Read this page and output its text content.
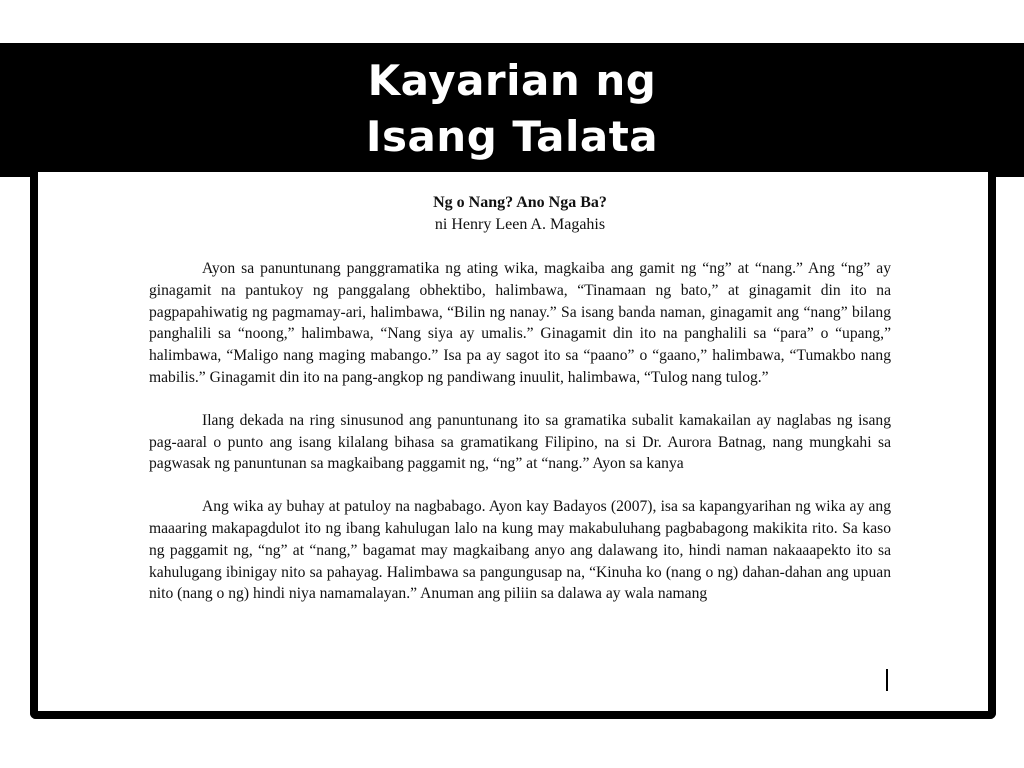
Kayarian ng
Isang Talata
Ng o Nang? Ano Nga Ba?
ni Henry Leen A. Magahis

Ayon sa panuntunang panggramatika ng ating wika, magkaiba ang gamit ng “ng” at “nang.” Ang “ng” ay ginagamit na pantukoy ng panggalang obhektibo, halimbawa, “Tinamaan ng bato,” at ginagamit din ito na pagpapahiwatig ng pagmamay-ari, halimbawa, “Bilin ng nanay.” Sa isang banda naman, ginagamit ang “nang” bilang panghalili sa “noong,” halimbawa, “Nang siya ay umalis.” Ginagamit din ito na panghalili sa “para” o “upang,” halimbawa, “Maligo nang maging mabango.” Isa pa ay sagot ito sa “paano” o “gaano,” halimbawa, “Tumakbo nang mabilis.” Ginagamit din ito na pang-angkop ng pandiwang inuulit, halimbawa, “Tulog nang tulog.”

Ilang dekada na ring sinusunod ang panuntunang ito sa gramatika subalit kamakailan ay naglabas ng isang pag-aaral o punto ang isang kilalang bihasa sa gramatikang Filipino, na si Dr. Aurora Batnag, nang mungkahi sa pagwasak ng panuntunan sa magkaibang paggamit ng, “ng” at “nang.” Ayon sa kanya

Ang wika ay buhay at patuloy na nagbabago. Ayon kay Badayos (2007), isa sa kapangyarihan ng wika ay ang maaaring makapagdulot ito ng ibang kahulugan lalo na kung may makabuluhang pagbabagong makikita rito. Sa kaso ng paggamit ng, “ng” at “nang,” bagamat may magkaibang anyo ang dalawang ito, hindi naman nakaaapekto ito sa kahulugang ibinigay nito sa pahayag. Halimbawa sa pangungusap na, “Kinuha ko (nang o ng) dahan-dahan ang upuan nito (nang o ng) hindi niya namamalayan.” Anuman ang piliin sa dalawa ay wala namang
